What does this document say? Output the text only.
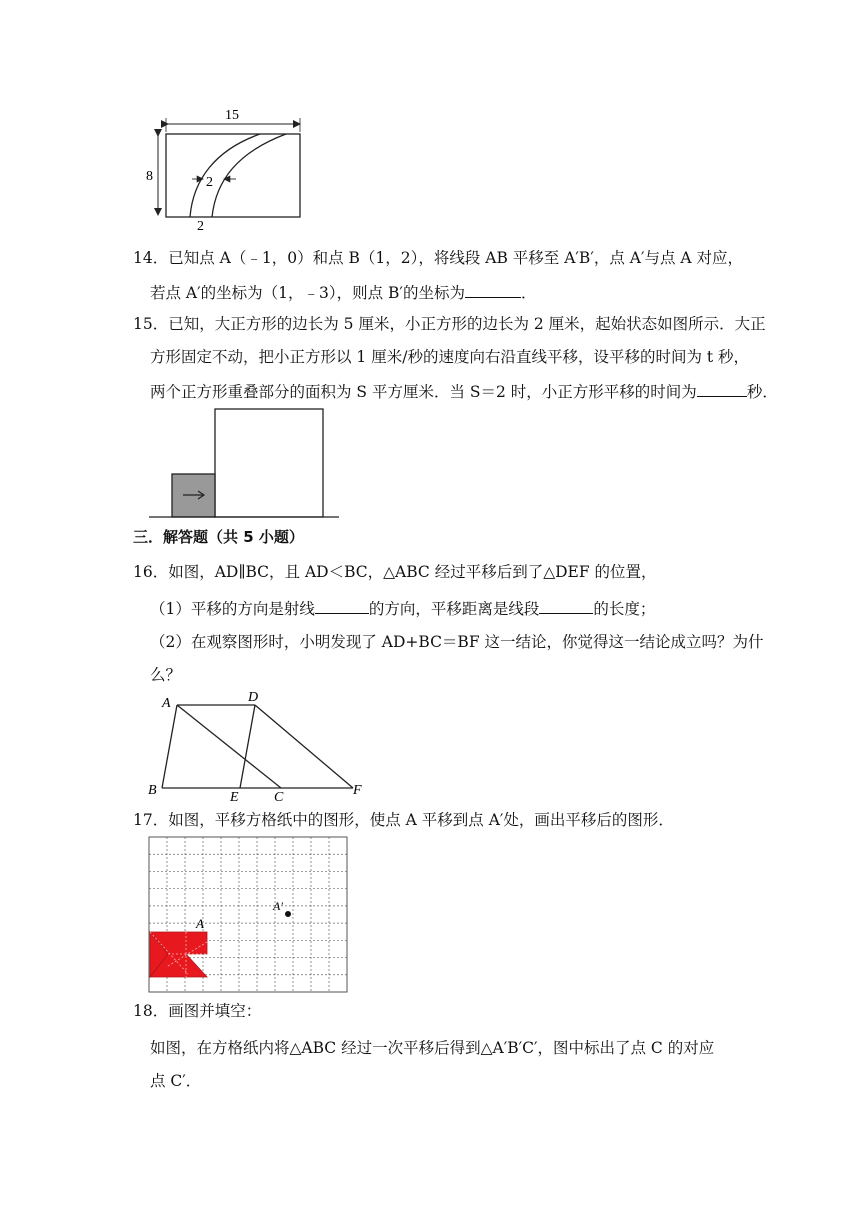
15
8	2
2
14．已知点 A（﹣1，0）和点 B（1，2），将线段 AB 平移至 A′B′，点 A′与点 A 对应，
若点 A′的坐标为（1，﹣3），则点 B′的坐标为	．
15．已知，大正方形的边长为 5 厘米，小正方形的边长为 2 厘米，起始状态如图所示．大正
方形固定不动，把小正方形以 1 厘米/秒的速度向右沿直线平移，设平移的时间为 t 秒，
两个正方形重叠部分的面积为 S 平方厘米．当 S＝2 时，小正方形平移的时间为	秒．
三．解答题（共 5 小题）
16．如图，AD∥BC，且 AD＜BC，△ABC 经过平移后到了△DEF 的位置，
（1）平移的方向是射线	的方向，平移距离是线段	的长度；
（2）在观察图形时，小明发现了 AD+BC＝BF 这一结论，你觉得这一结论成立吗？为什
么？
A	D
B	E	C	F
17．如图，平移方格纸中的图形，使点 A 平移到点 A′处，画出平移后的图形．
A
A′
18．画图并填空：
如图，在方格纸内将△ABC 经过一次平移后得到△A′B′C′，图中标出了点 C 的对应
点 C′．
